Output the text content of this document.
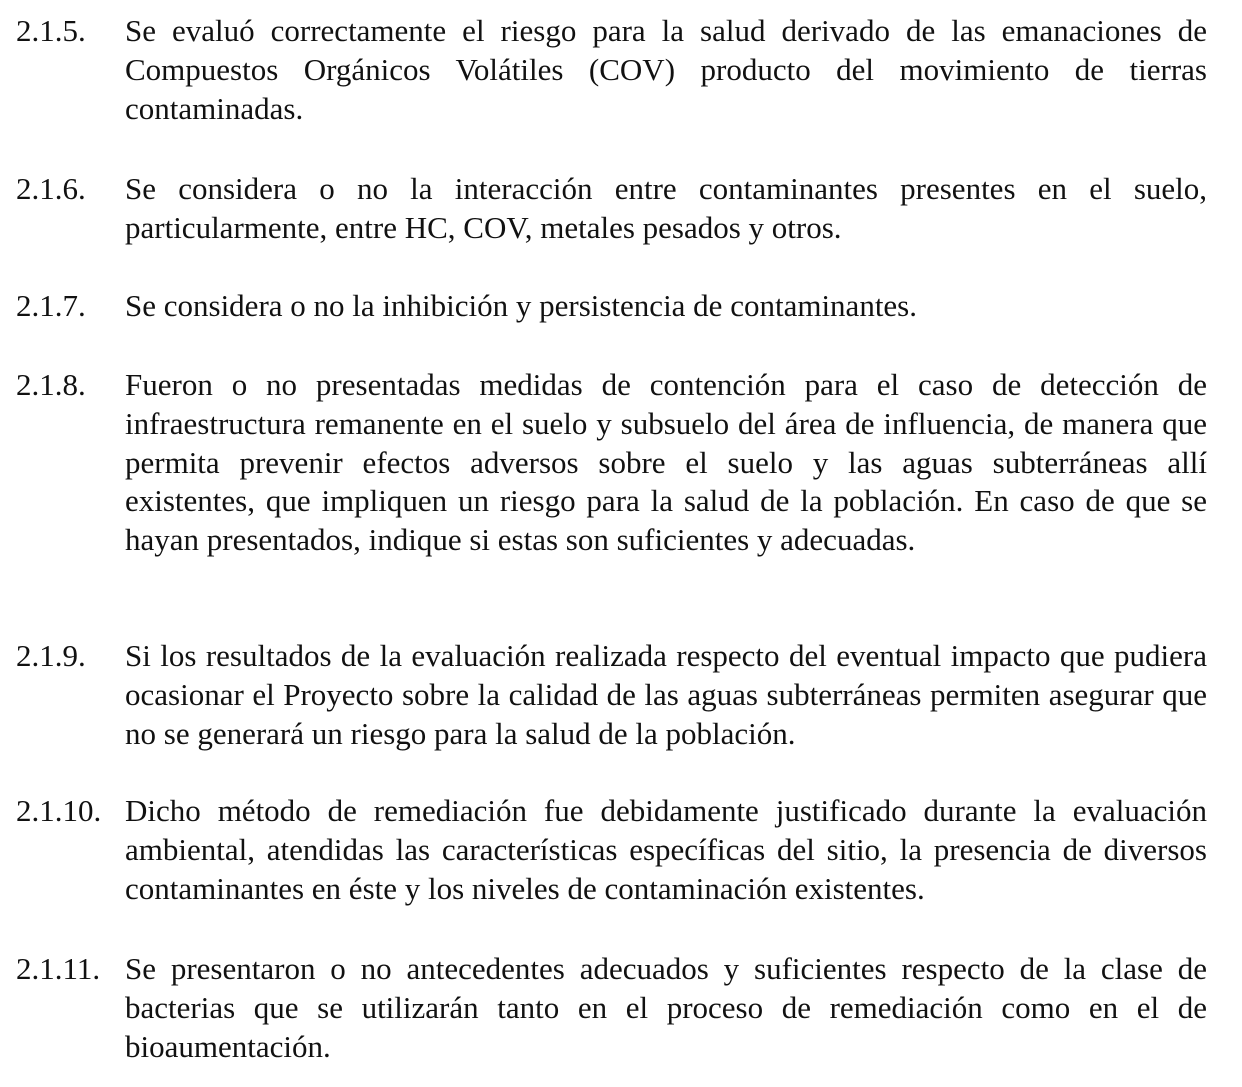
2.1.5. Se evaluó correctamente el riesgo para la salud derivado de las emanaciones de Compuestos Orgánicos Volátiles (COV) producto del movimiento de tierras contaminadas.

2.1.6. Se considera o no la interacción entre contaminantes presentes en el suelo, particularmente, entre HC, COV, metales pesados y otros.

2.1.7. Se considera o no la inhibición y persistencia de contaminantes.

2.1.8. Fueron o no presentadas medidas de contención para el caso de detección de infraestructura remanente en el suelo y subsuelo del área de influencia, de manera que permita prevenir efectos adversos sobre el suelo y las aguas subterráneas allí existentes, que impliquen un riesgo para la salud de la población. En caso de que se hayan presentados, indique si estas son suficientes y adecuadas.

2.1.9. Si los resultados de la evaluación realizada respecto del eventual impacto que pudiera ocasionar el Proyecto sobre la calidad de las aguas subterráneas permiten asegurar que no se generará un riesgo para la salud de la población.

2.1.10. Dicho método de remediación fue debidamente justificado durante la evaluación ambiental, atendidas las características específicas del sitio, la presencia de diversos contaminantes en éste y los niveles de contaminación existentes.

2.1.11. Se presentaron o no antecedentes adecuados y suficientes respecto de la clase de bacterias que se utilizarán tanto en el proceso de remediación como en el de bioaumentación.
